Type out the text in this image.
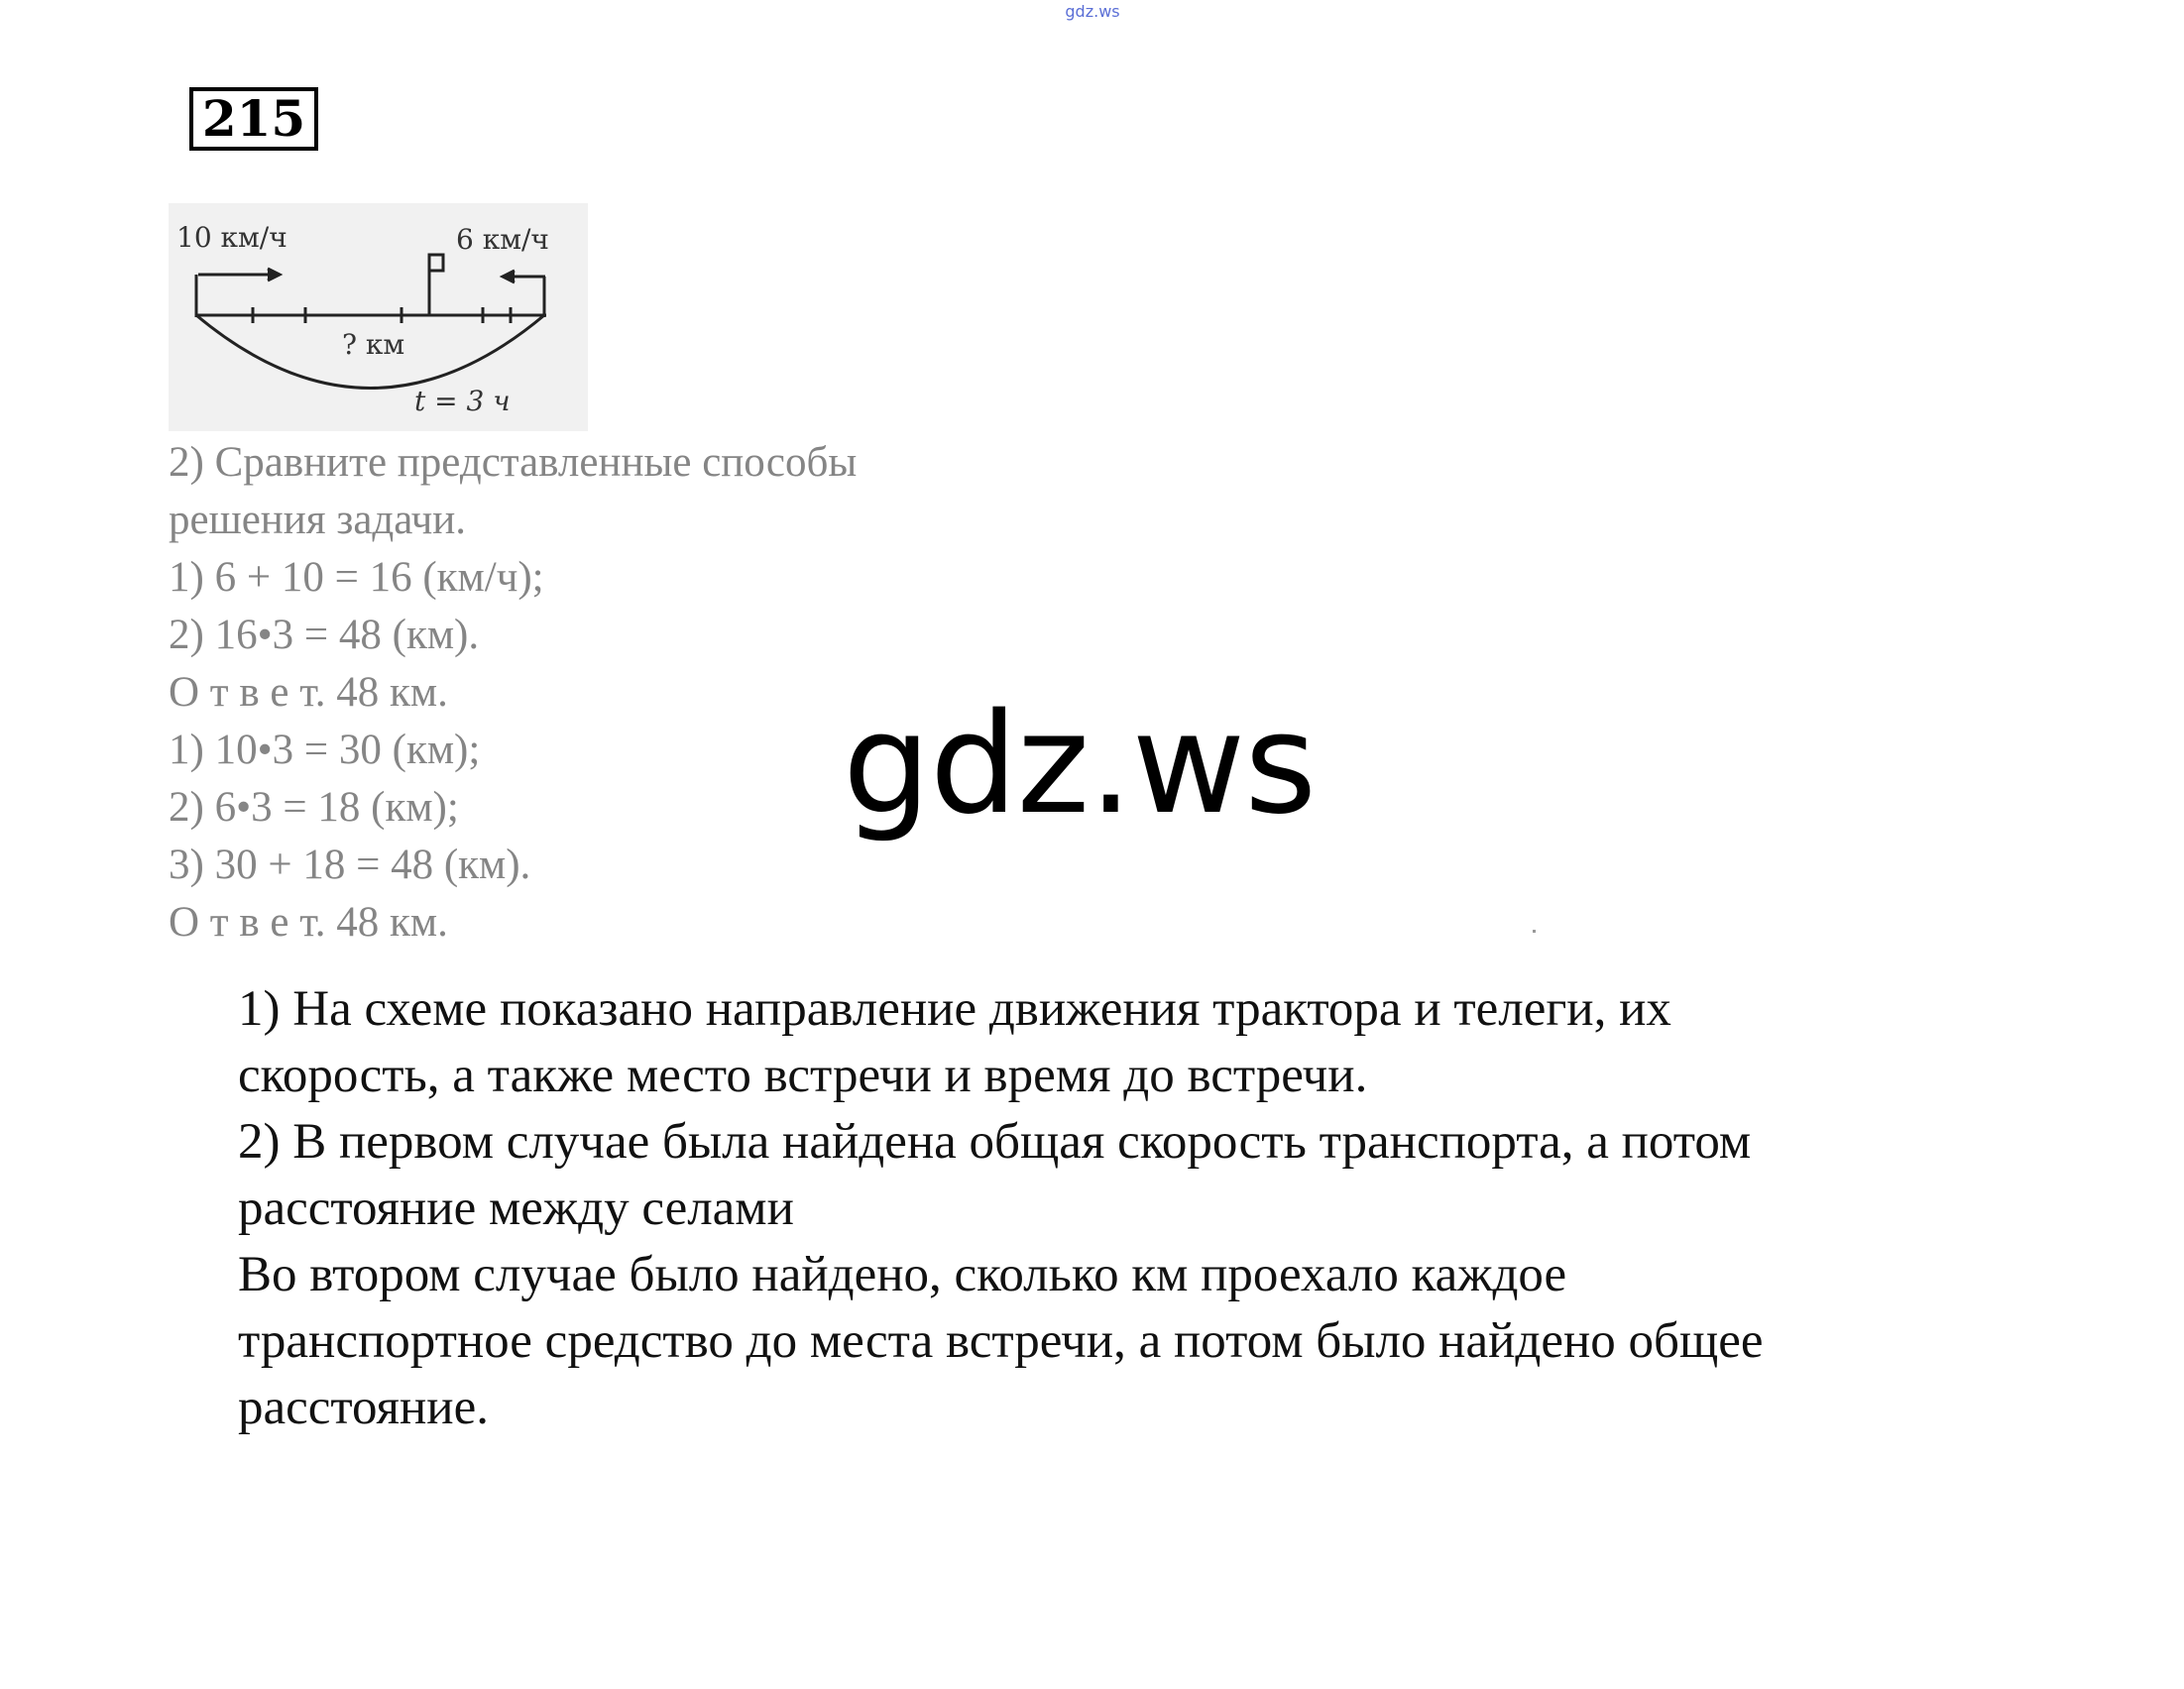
gdz.ws
215
10 км/ч	6 км/ч
? км
t = 3 ч
2) Сравните представленные способы
решения задачи.
1) 6 + 10 = 16 (км/ч);
2) 16•3 = 48 (км).
О т в е т. 48 км.
1) 10•3 = 30 (км);
2) 6•3 = 18 (км);
3) 30 + 18 = 48 (км).
О т в е т. 48 км.
gdz.ws
1) На схеме показано направление движения трактора и телеги, их
скорость, а также место встречи и время до встречи.
2) В первом случае была найдена общая скорость транспорта, а потом
расстояние между селами
Во втором случае было найдено, сколько км проехало каждое
транспортное средство до места встречи, а потом было найдено общее
расстояние.
